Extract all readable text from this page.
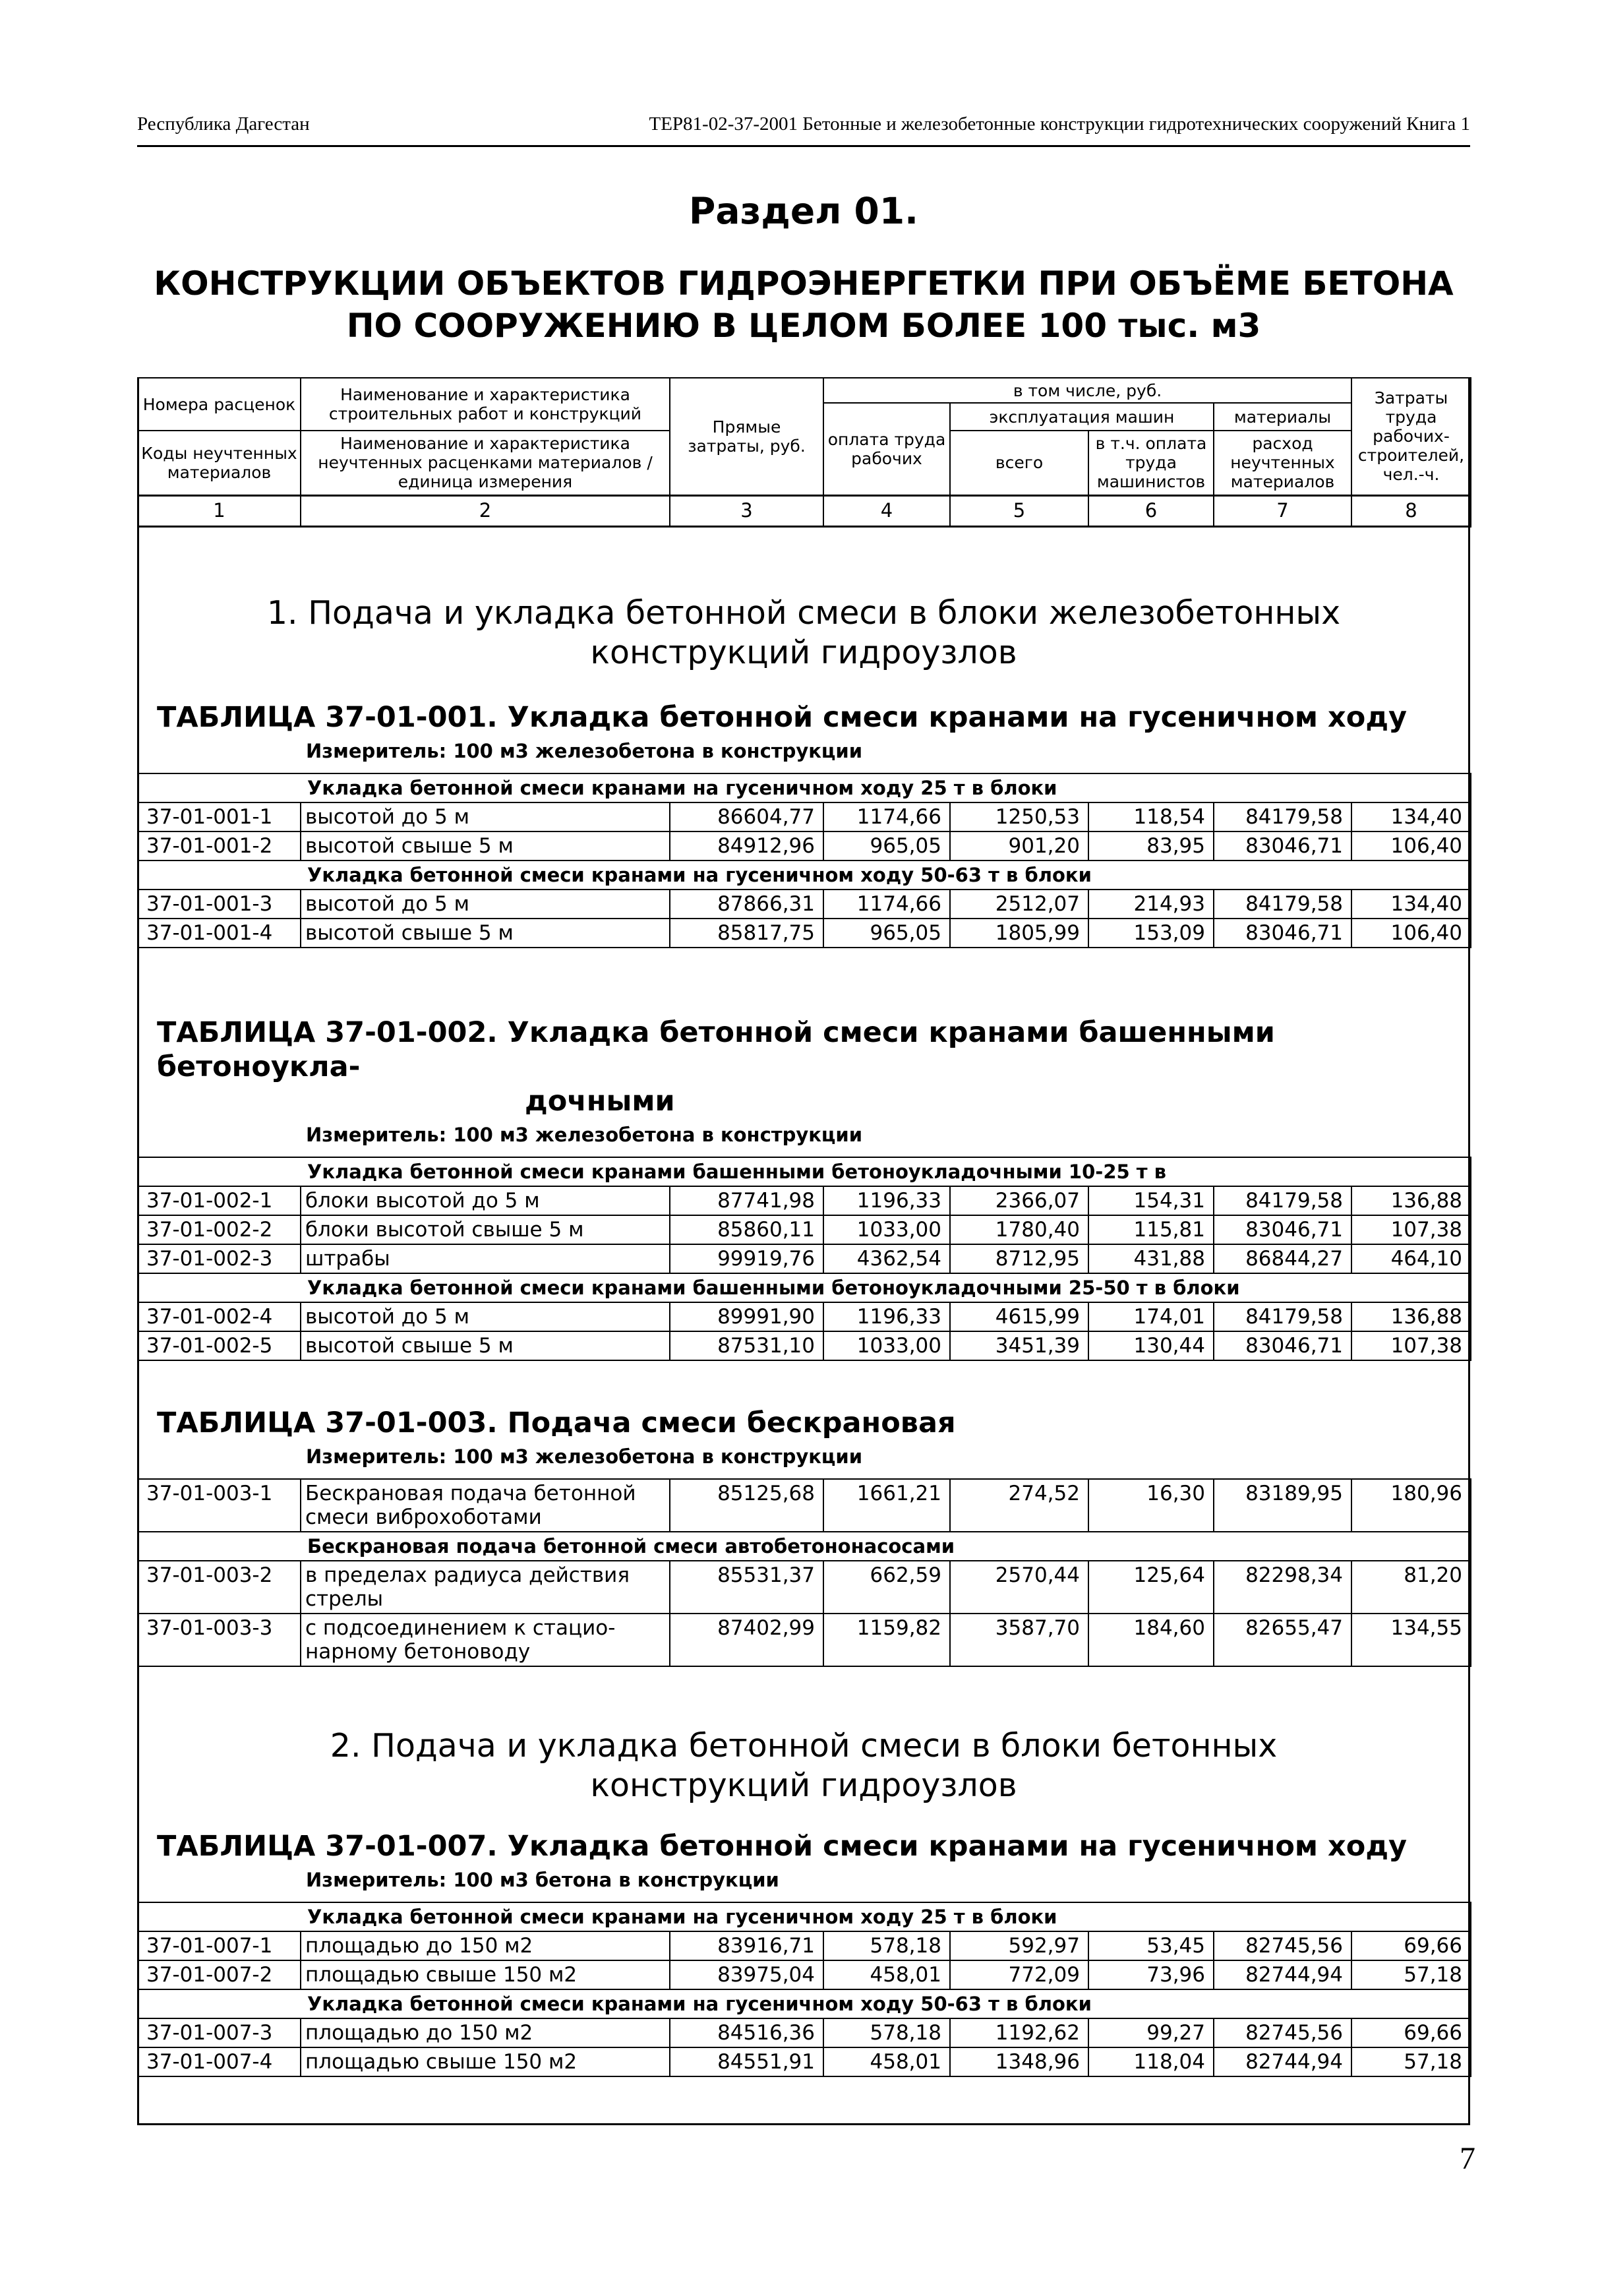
Республика Дагестан	ТЕР81-02-37-2001 Бетонные и железобетонные конструкции гидротехнических сооружений Книга 1
Раздел 01.
КОНСТРУКЦИИ ОБЪЕКТОВ ГИДРОЭНЕРГЕТКИ ПРИ ОБЪЁМЕ БЕТОНА
ПО СООРУЖЕНИЮ В ЦЕЛОМ БОЛЕЕ 100 тыс. м3
Номера расценок	Наименование и характеристика строительных работ и конструкций	Прямые затраты, руб.	в том числе, руб.				Затраты труда рабочих-строителей, чел.-ч.
			оплата труда рабочих	эксплуатация машин		материалы	
Коды неучтенных материалов	Наименование и характеристика неучтенных расценками материалов / единица измерения			всего	в т.ч. оплата труда машинистов	расход неучтенных материалов	

1	2	3	4	5	6	7	8
1. Подача и укладка бетонной смеси в блоки железобетонных
конструкций гидроузлов
ТАБЛИЦА 37-01-001. Укладка бетонной смеси кранами на гусеничном ходу
Измеритель: 100 м3 железобетона в конструкции
Укладка бетонной смеси кранами на гусеничном ходу 25 т в блоки							
37-01-001-1	высотой до 5 м	86604,77	1174,66	1250,53	118,54	84179,58	134,40
37-01-001-2	высотой свыше 5 м	84912,96	965,05	901,20	83,95	83046,71	106,40
Укладка бетонной смеси кранами на гусеничном ходу 50-63 т в блоки							
37-01-001-3	высотой до 5 м	87866,31	1174,66	2512,07	214,93	84179,58	134,40
37-01-001-4	высотой свыше 5 м	85817,75	965,05	1805,99	153,09	83046,71	106,40
ТАБЛИЦА 37-01-002. Укладка бетонной смеси кранами башенными бетоноукла-
дочными
Измеритель: 100 м3 железобетона в конструкции
Укладка бетонной смеси кранами башенными бетоноукладочными 10-25 т в							
37-01-002-1	блоки высотой до 5 м	87741,98	1196,33	2366,07	154,31	84179,58	136,88
37-01-002-2	блоки высотой свыше 5 м	85860,11	1033,00	1780,40	115,81	83046,71	107,38
37-01-002-3	штрабы	99919,76	4362,54	8712,95	431,88	86844,27	464,10
Укладка бетонной смеси кранами башенными бетоноукладочными 25-50 т в блоки							
37-01-002-4	высотой до 5 м	89991,90	1196,33	4615,99	174,01	84179,58	136,88
37-01-002-5	высотой свыше 5 м	87531,10	1033,00	3451,39	130,44	83046,71	107,38
ТАБЛИЦА 37-01-003. Подача смеси бескрановая
Измеритель: 100 м3 железобетона в конструкции
37-01-003-1	Бескрановая подача бетонной смеси виброхоботами	85125,68	1661,21	274,52	16,30	83189,95	180,96
Бескрановая подача бетонной смеси автобетононасосами							
37-01-003-2	в пределах радиуса действия стрелы	85531,37	662,59	2570,44	125,64	82298,34	81,20
37-01-003-3	с подсоединением к стацио-нарному бетоноводу	87402,99	1159,82	3587,70	184,60	82655,47	134,55
2. Подача и укладка бетонной смеси в блоки бетонных
конструкций гидроузлов
ТАБЛИЦА 37-01-007. Укладка бетонной смеси кранами на гусеничном ходу
Измеритель: 100 м3 бетона в конструкции
Укладка бетонной смеси кранами на гусеничном ходу 25 т в блоки							
37-01-007-1	площадью до 150 м2	83916,71	578,18	592,97	53,45	82745,56	69,66
37-01-007-2	площадью свыше 150 м2	83975,04	458,01	772,09	73,96	82744,94	57,18
Укладка бетонной смеси кранами на гусеничном ходу 50-63 т в блоки							
37-01-007-3	площадью до 150 м2	84516,36	578,18	1192,62	99,27	82745,56	69,66
37-01-007-4	площадью свыше 150 м2	84551,91	458,01	1348,96	118,04	82744,94	57,18
7
